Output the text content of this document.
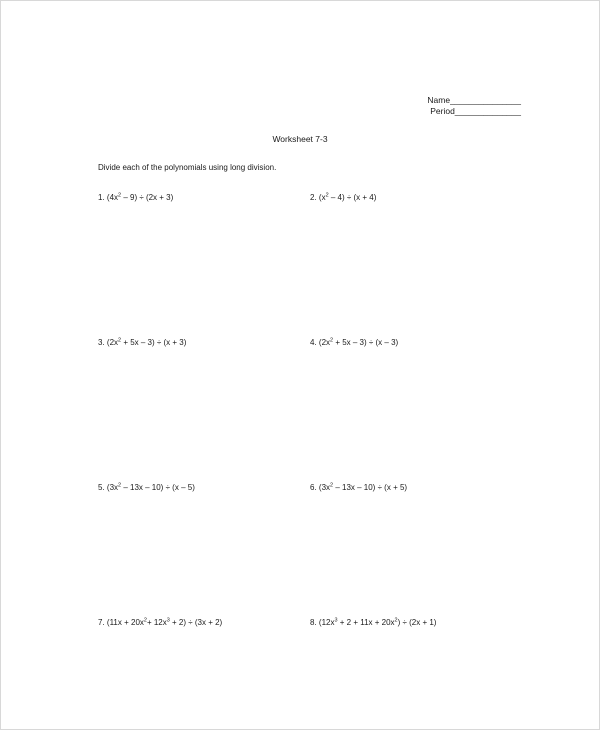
Name_______________
Period______________
Worksheet 7-3
Divide each of the polynomials using long division.
1. $(4x^2 - 9) \div (2x + 3)$	2. $(x^2 - 4) \div (x + 4)$
3. $(2x^2 + 5x - 3) \div (x + 3)$	4. $(2x^2 + 5x - 3) \div (x - 3)$
5. $(3x^2 - 13x - 10) \div (x - 5)$	6. $(3x^2 - 13x - 10) \div (x + 5)$
7. $(11x + 20x^2+ 12x^3 + 2) \div (3x + 2)$	8. $(12x^3 + 2 + 11x + 20x^2) \div (2x + 1)$
